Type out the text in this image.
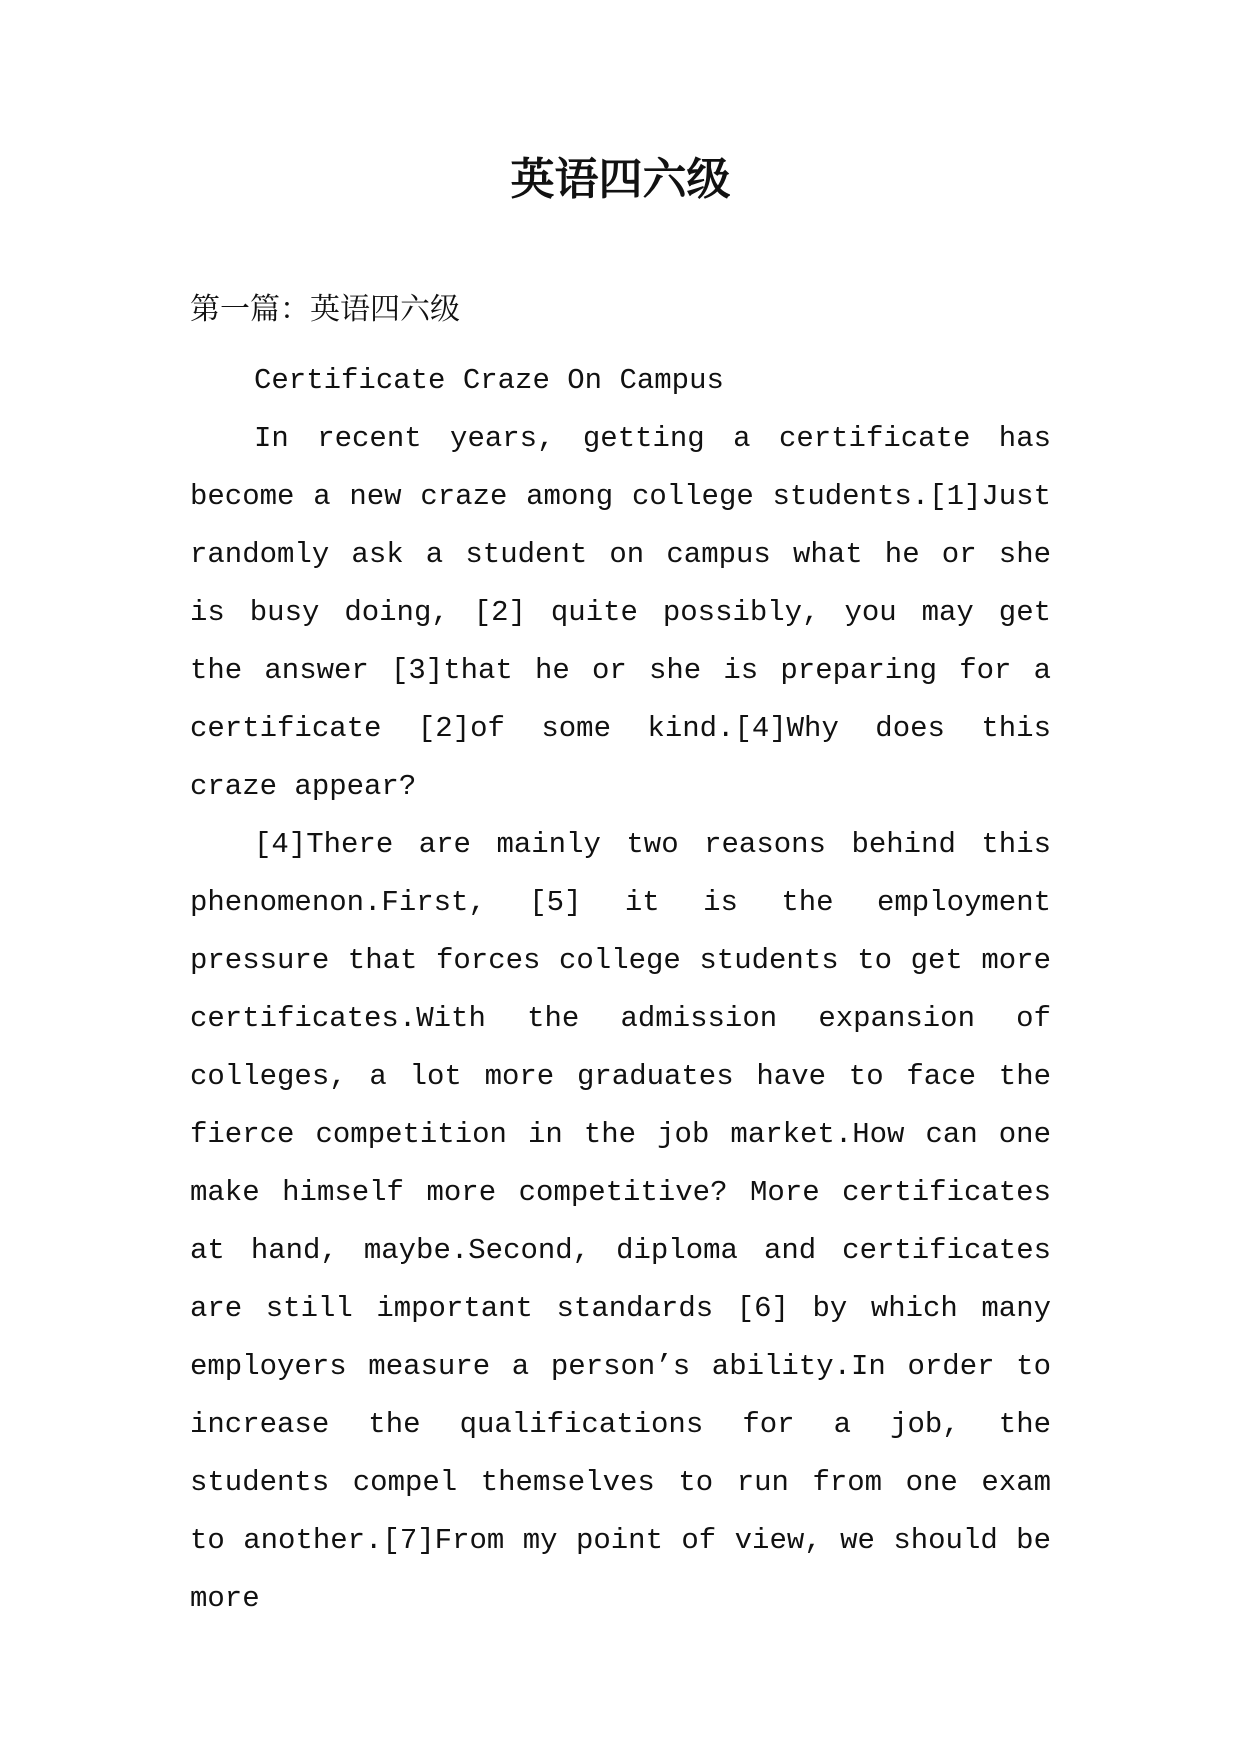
英语四六级
第一篇：英语四六级

Certificate Craze On Campus

In recent years, getting a certificate has become a new craze among college students.[1]Just randomly ask a student on campus what he or she is busy doing, [2] quite possibly, you may get the answer [3]that he or she is preparing for a certificate [2]of some kind.[4]Why does this craze appear?

[4]There are mainly two reasons behind this phenomenon.First, [5] it is the employment pressure that forces college students to get more certificates.With the admission expansion of colleges, a lot more graduates have to face the fierce competition in the job market.How can one make himself more competitive? More certificates at hand, maybe.Second, diploma and certificates are still important standards [6] by which many employers measure a person’s ability.In order to increase the qualifications for a job, the students compel themselves to run from one exam to another.[7]From my point of view, we should be more
